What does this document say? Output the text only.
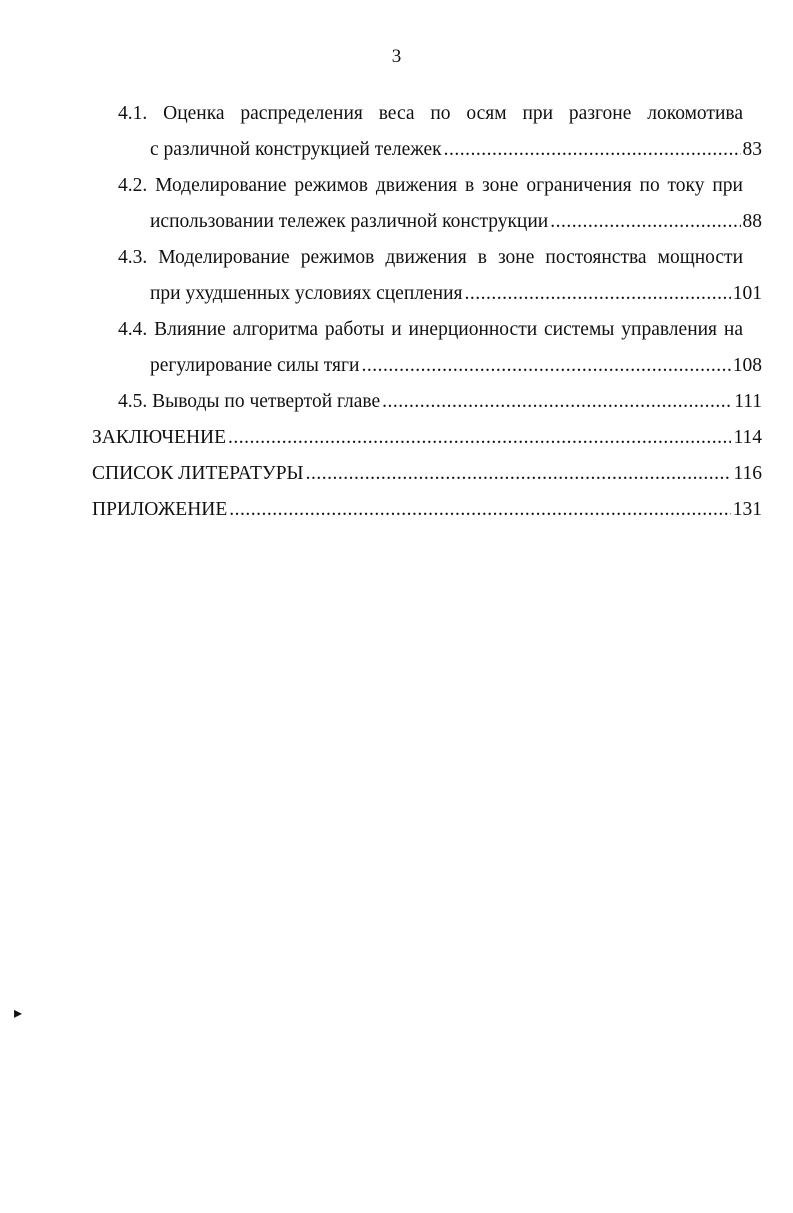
3
4.1. Оценка распределения веса по осям при разгоне локомотива
с различной конструкцией тележек .....	83
4.2. Моделирование режимов движения в зоне ограничения по току при
использовании тележек различной конструкции .....	88
4.3. Моделирование режимов движения в зоне постоянства мощности
при ухудшенных условиях сцепления .....	101
4.4. Влияние алгоритма работы и инерционности системы управления на
регулирование силы тяги .....	108
4.5. Выводы по четвертой главе .....	111
ЗАКЛЮЧЕНИЕ .....	114
СПИСОК ЛИТЕРАТУРЫ .....	116
ПРИЛОЖЕНИЕ .....	131
▸
